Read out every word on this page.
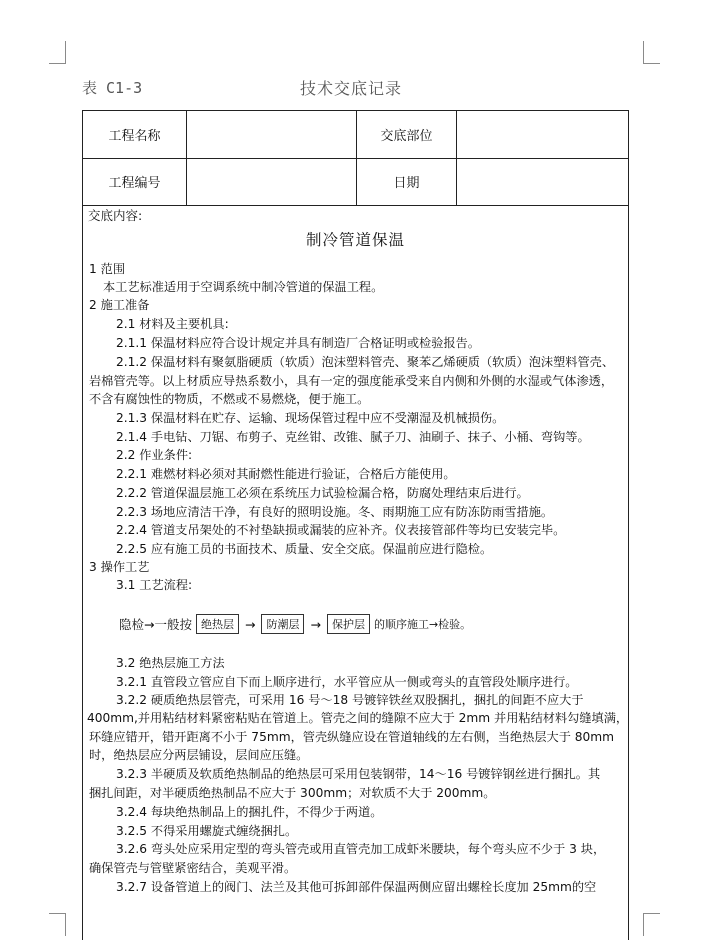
表 C1-3	技术交底记录
工程名称	交底部位
工程编号	日期
交底内容:
制冷管道保温
1 范围
本工艺标准适用于空调系统中制冷管道的保温工程。
2 施工准备
2.1 材料及主要机具:
2.1.1 保温材料应符合设计规定并具有制造厂合格证明或检验报告。
2.1.2 保温材料有聚氨脂硬质（软质）泡沫塑料管壳、聚苯乙烯硬质（软质）泡沫塑料管壳、
岩棉管壳等。以上材质应导热系数小，具有一定的强度能承受来自内侧和外侧的水湿或气体渗透，
不含有腐蚀性的物质，不燃或不易燃烧，便于施工。
2.1.3 保温材料在贮存、运输、现场保管过程中应不受潮湿及机械损伤。
2.1.4 手电钻、刀锯、布剪子、克丝钳、改锥、腻子刀、油刷子、抹子、小桶、弯钩等。
2.2 作业条件:
2.2.1 难燃材料必须对其耐燃性能进行验证，合格后方能使用。
2.2.2 管道保温层施工必须在系统压力试验检漏合格，防腐处理结束后进行。
2.2.3 场地应清洁干净，有良好的照明设施。冬、雨期施工应有防冻防雨雪措施。
2.2.4 管道支吊架处的不衬垫缺损或漏装的应补齐。仪表接管部件等均已安装完毕。
2.2.5 应有施工员的书面技术、质量、安全交底。保温前应进行隐检。
3 操作工艺
3.1 工艺流程:
隐检→一般按 绝热层 →	防潮层 →	保护层 的顺序施工→检验。
3.2 绝热层施工方法
3.2.1 直管段立管应自下而上顺序进行，水平管应从一侧或弯头的直管段处顺序进行。
3.2.2 硬质绝热层管壳，可采用 16 号～18 号镀锌铁丝双股捆扎，捆扎的间距不应大于
400mm,并用粘结材料紧密粘贴在管道上。管壳之间的缝隙不应大于 2mm 并用粘结材料勾缝填满，
环缝应错开，错开距离不小于 75mm，管壳纵缝应设在管道轴线的左右侧，当绝热层大于 80mm
时，绝热层应分两层铺设，层间应压缝。
3.2.3 半硬质及软质绝热制品的绝热层可采用包装钢带，14～16 号镀锌钢丝进行捆扎。其
捆扎间距，对半硬质绝热制品不应大于 300mm；对软质不大于 200mm。
3.2.4 每块绝热制品上的捆扎件，不得少于两道。
3.2.5 不得采用螺旋式缠绕捆扎。
3.2.6 弯头处应采用定型的弯头管壳或用直管壳加工成虾米腰块，每个弯头应不少于 3 块，
确保管壳与管壁紧密结合，美观平滑。
3.2.7 设备管道上的阀门、法兰及其他可拆卸部件保温两侧应留出螺栓长度加 25mm的空
